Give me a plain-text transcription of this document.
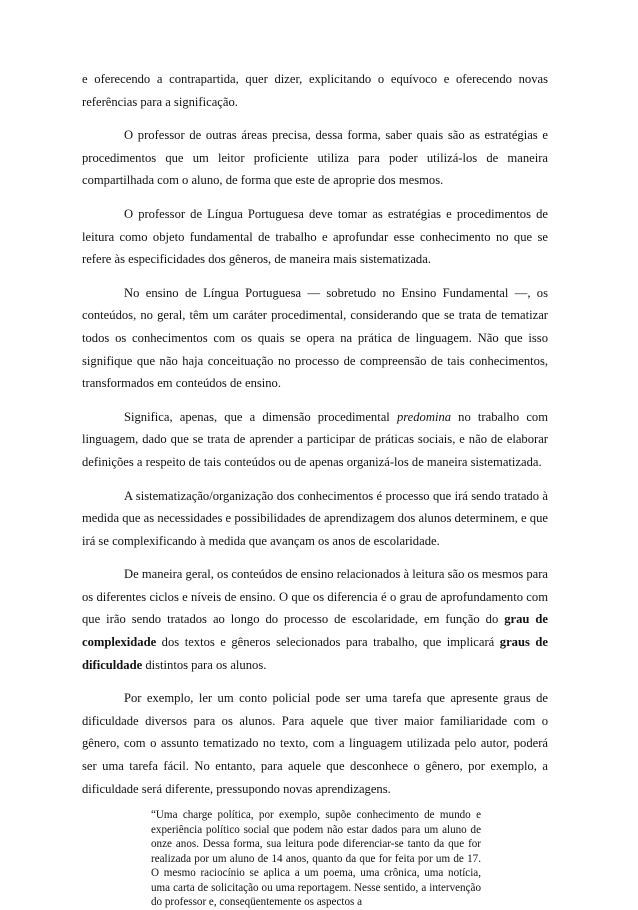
e oferecendo a contrapartida, quer dizer, explicitando o equívoco e oferecendo novas referências para a significação.

O professor de outras áreas precisa, dessa forma, saber quais são as estratégias e procedimentos que um leitor proficiente utiliza para poder utilizá-los de maneira compartilhada com o aluno, de forma que este de aproprie dos mesmos.

O professor de Língua Portuguesa deve tomar as estratégias e procedimentos de leitura como objeto fundamental de trabalho e aprofundar esse conhecimento no que se refere às especificidades dos gêneros, de maneira mais sistematizada.

No ensino de Língua Portuguesa — sobretudo no Ensino Fundamental —, os conteúdos, no geral, têm um caráter procedimental, considerando que se trata de tematizar todos os conhecimentos com os quais se opera na prática de linguagem. Não que isso signifique que não haja conceituação no processo de compreensão de tais conhecimentos, transformados em conteúdos de ensino.

Significa, apenas, que a dimensão procedimental predomina no trabalho com linguagem, dado que se trata de aprender a participar de práticas sociais, e não de elaborar definições a respeito de tais conteúdos ou de apenas organizá-los de maneira sistematizada.

A sistematização/organização dos conhecimentos é processo que irá sendo tratado à medida que as necessidades e possibilidades de aprendizagem dos alunos determinem, e que irá se complexificando à medida que avançam os anos de escolaridade.

De maneira geral, os conteúdos de ensino relacionados à leitura são os mesmos para os diferentes ciclos e níveis de ensino. O que os diferencia é o grau de aprofundamento com que irão sendo tratados ao longo do processo de escolaridade, em função do grau de complexidade dos textos e gêneros selecionados para trabalho, que implicará graus de dificuldade distintos para os alunos.

Por exemplo, ler um conto policial pode ser uma tarefa que apresente graus de dificuldade diversos para os alunos. Para aquele que tiver maior familiaridade com o gênero, com o assunto tematizado no texto, com a linguagem utilizada pelo autor, poderá ser uma tarefa fácil. No entanto, para aquele que desconhece o gênero, por exemplo, a dificuldade será diferente, pressupondo novas aprendizagens.

“Uma charge política, por exemplo, supõe conhecimento de mundo e experiência político social que podem não estar dados para um aluno de onze anos. Dessa forma, sua leitura pode diferenciar-se tanto da que for realizada por um aluno de 14 anos, quanto da que for feita por um de 17. O mesmo raciocínio se aplica a um poema, uma crônica, uma notícia, uma carta de solicitação ou uma reportagem. Nesse sentido, a intervenção do professor e, conseqüentemente os aspectos a
